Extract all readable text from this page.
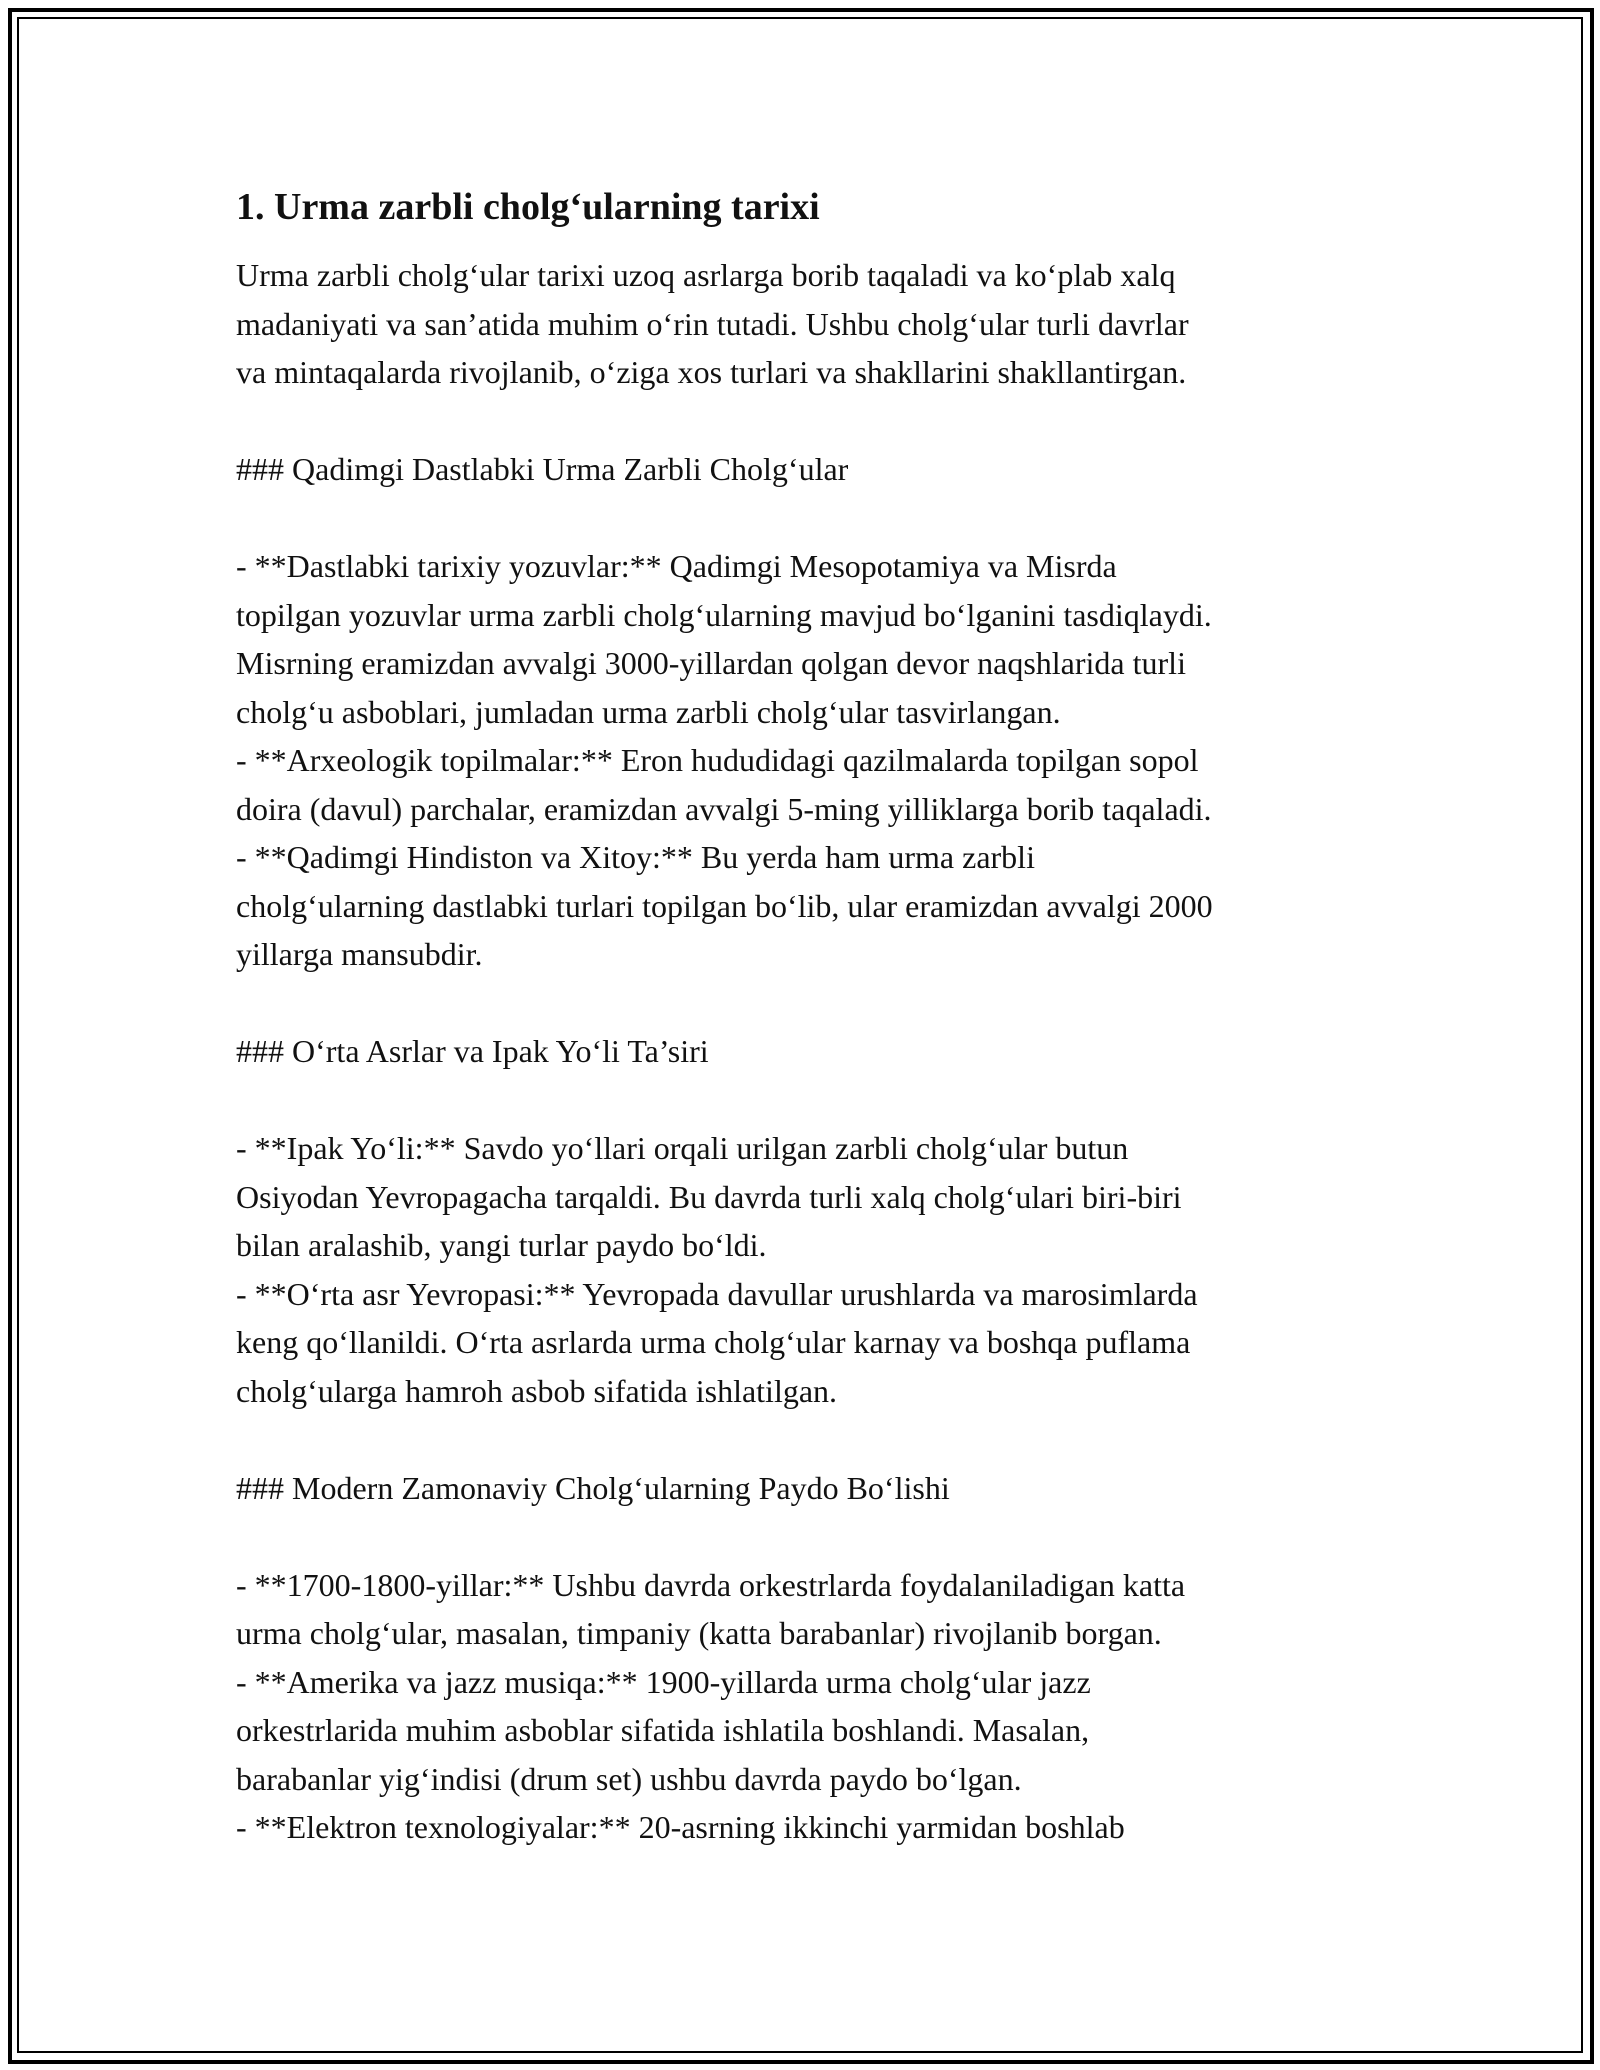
1. Urma zarbli cholg‘ularning tarixi
Urma zarbli cholg‘ular tarixi uzoq asrlarga borib taqaladi va ko‘plab xalq
madaniyati va san’atida muhim o‘rin tutadi. Ushbu cholg‘ular turli davrlar
va mintaqalarda rivojlanib, o‘ziga xos turlari va shakllarini shakllantirgan.
### Qadimgi Dastlabki Urma Zarbli Cholg‘ular
- **Dastlabki tarixiy yozuvlar:** Qadimgi Mesopotamiya va Misrda
topilgan yozuvlar urma zarbli cholg‘ularning mavjud bo‘lganini tasdiqlaydi.
Misrning eramizdan avvalgi 3000-yillardan qolgan devor naqshlarida turli
cholg‘u asboblari, jumladan urma zarbli cholg‘ular tasvirlangan.
- **Arxeologik topilmalar:** Eron hududidagi qazilmalarda topilgan sopol
doira (davul) parchalar, eramizdan avvalgi 5-ming yilliklarga borib taqaladi.
- **Qadimgi Hindiston va Xitoy:** Bu yerda ham urma zarbli
cholg‘ularning dastlabki turlari topilgan bo‘lib, ular eramizdan avvalgi 2000
yillarga mansubdir.
### O‘rta Asrlar va Ipak Yo‘li Ta’siri
- **Ipak Yo‘li:** Savdo yo‘llari orqali urilgan zarbli cholg‘ular butun
Osiyodan Yevropagacha tarqaldi. Bu davrda turli xalq cholg‘ulari biri-biri
bilan aralashib, yangi turlar paydo bo‘ldi.
- **O‘rta asr Yevropasi:** Yevropada davullar urushlarda va marosimlarda
keng qo‘llanildi. O‘rta asrlarda urma cholg‘ular karnay va boshqa puflama
cholg‘ularga hamroh asbob sifatida ishlatilgan.
### Modern Zamonaviy Cholg‘ularning Paydo Bo‘lishi
- **1700-1800-yillar:** Ushbu davrda orkestrlarda foydalaniladigan katta
urma cholg‘ular, masalan, timpaniy (katta barabanlar) rivojlanib borgan.
- **Amerika va jazz musiqa:** 1900-yillarda urma cholg‘ular jazz
orkestrlarida muhim asboblar sifatida ishlatila boshlandi. Masalan,
barabanlar yig‘indisi (drum set) ushbu davrda paydo bo‘lgan.
- **Elektron texnologiyalar:** 20-asrning ikkinchi yarmidan boshlab
